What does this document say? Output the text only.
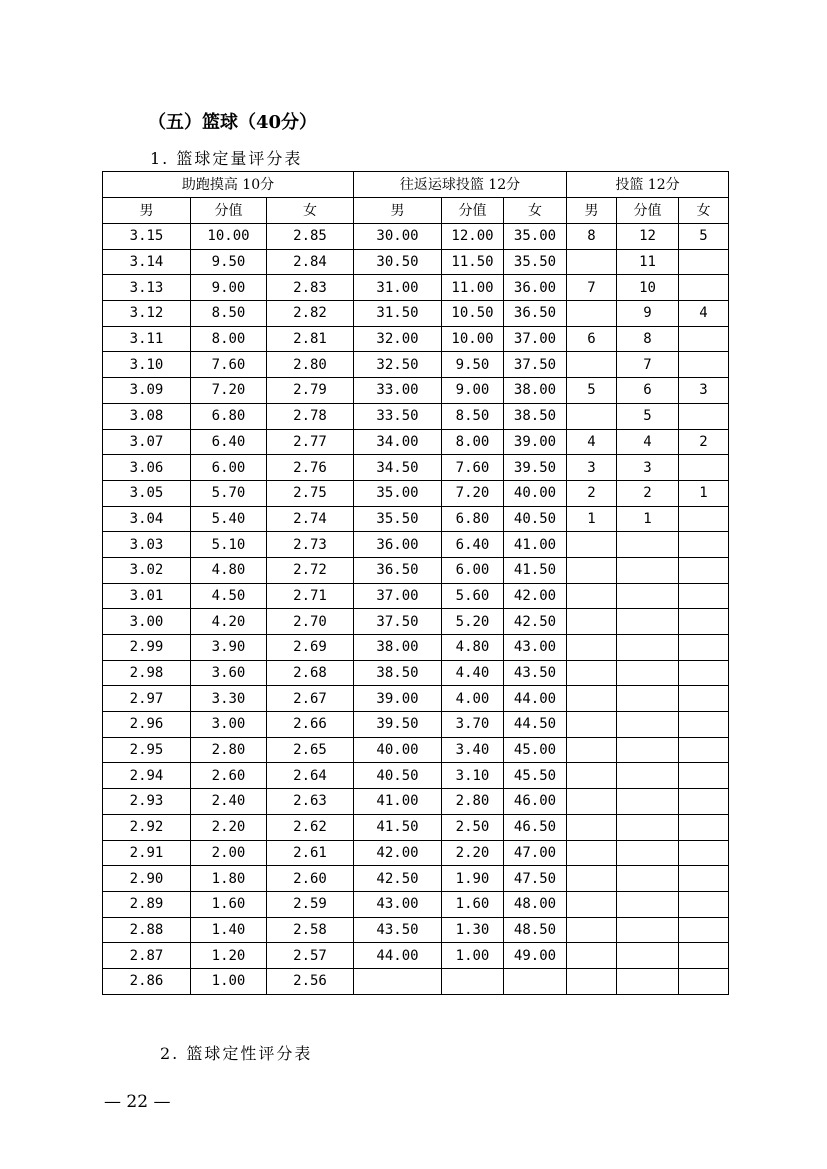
（五）篮球（40分）
1. 篮球定量评分表
助跑摸高 10分			往返运球投篮 12分			投篮 12分		
男	分值	女	男	分值	女	男	分值	女
3.15	10.00	2.85	30.00	12.00	35.00	8	12	5
3.14	9.50	2.84	30.50	11.50	35.50		11	
3.13	9.00	2.83	31.00	11.00	36.00	7	10	
3.12	8.50	2.82	31.50	10.50	36.50		9	4
3.11	8.00	2.81	32.00	10.00	37.00	6	8	
3.10	7.60	2.80	32.50	9.50	37.50		7	
3.09	7.20	2.79	33.00	9.00	38.00	5	6	3
3.08	6.80	2.78	33.50	8.50	38.50		5	
3.07	6.40	2.77	34.00	8.00	39.00	4	4	2
3.06	6.00	2.76	34.50	7.60	39.50	3	3	
3.05	5.70	2.75	35.00	7.20	40.00	2	2	1
3.04	5.40	2.74	35.50	6.80	40.50	1	1	
3.03	5.10	2.73	36.00	6.40	41.00			
3.02	4.80	2.72	36.50	6.00	41.50			
3.01	4.50	2.71	37.00	5.60	42.00			
3.00	4.20	2.70	37.50	5.20	42.50			
2.99	3.90	2.69	38.00	4.80	43.00			
2.98	3.60	2.68	38.50	4.40	43.50			
2.97	3.30	2.67	39.00	4.00	44.00			
2.96	3.00	2.66	39.50	3.70	44.50			
2.95	2.80	2.65	40.00	3.40	45.00			
2.94	2.60	2.64	40.50	3.10	45.50			
2.93	2.40	2.63	41.00	2.80	46.00			
2.92	2.20	2.62	41.50	2.50	46.50			
2.91	2.00	2.61	42.00	2.20	47.00			
2.90	1.80	2.60	42.50	1.90	47.50			
2.89	1.60	2.59	43.00	1.60	48.00			
2.88	1.40	2.58	43.50	1.30	48.50			
2.87	1.20	2.57	44.00	1.00	49.00			
2.86	1.00	2.56						
2. 篮球定性评分表
— 22 —
